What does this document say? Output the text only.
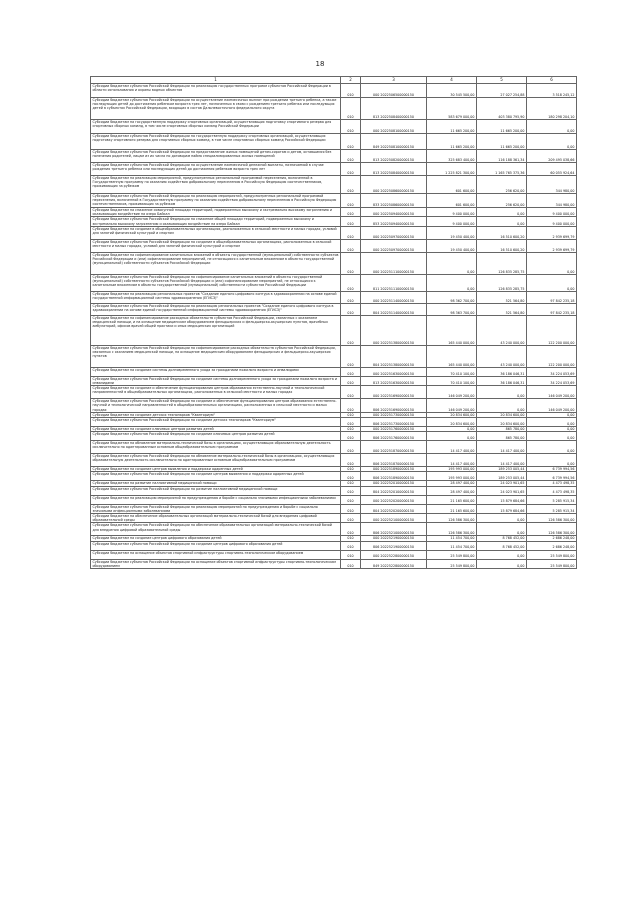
18
1	2	3	4	5	6
Субсидии бюджетам субъектов Российской Федерации на реализацию государственных программ субъектов Российской Федерации в области использования и охраны водных объектов	010	000 2022506500000150	30 545 500,00	27 027 254,88	3 518 245,12
Субсидии бюджетам субъектов Российской Федерации на осуществление ежемесячных выплат при рождении третьего ребенка, а также последующих детей до достижения ребенком возраста трех лет, назначенных в связи с рождением третьего ребенка или последующих детей в субъектах Российской Федерации, входящих в состав Дальневосточного федерального округа	010	813 2022508400000150	583 679 000,00	403 380 795,90	180 298 204,10
Субсидии бюджетам на государственную поддержку спортивных организаций, осуществляющих подготовку спортивного резерва для спортивных сборных команд, в том числе спортивных сборных команд Российской Федерации	010	000 2022508100000150	11 665 200,00	11 665 200,00	0,00
Субсидии бюджетам субъектов Российской Федерации на государственную поддержку спортивных организаций, осуществляющих подготовку спортивного резерва для спортивных сборных команд, в том числе спортивных сборных команд Российской Федерации	010	849 2022508100000150	11 665 200,00	11 665 200,00	0,00
Субсидии бюджетам субъектов Российской Федерации на предоставление жилых помещений детям-сиротам и детям, оставшимся без попечения родителей, лицам из их числа по договорам найма специализированных жилых помещений	010	813 2022508200000150	325 683 400,00	116 188 361,34	209 495 038,66
Субсидии бюджетам субъектов Российской Федерации на осуществление ежемесячной денежной выплаты, назначаемой в случае рождения третьего ребенка или последующих детей до достижения ребенком возраста трех лет	010	813 2022508400000150	1 225 821 300,00	1 165 765 375,36	60 055 924,64
Субсидии бюджетам на реализацию мероприятий, предусмотренных региональной программой переселения, включенной в Государственную программу по оказанию содействия добровольному переселению в Российскую Федерацию соотечественников, проживающих за рубежом	010	000 2022508600000150	601 600,00	256 620,00	344 980,00
Субсидии бюджетам субъектов Российской Федерации на реализацию мероприятий, предусмотренных региональной программой переселения, включенной в Государственную программу по оказанию содействия добровольному переселению в Российскую Федерацию соотечественников, проживающих за рубежом	010	833 2022508600000150	601 600,00	256 620,00	344 980,00
Субсидии бюджетам на снижение совокупной площади территорий, подверженных высокому и экстремально высокому загрязнению и оказывающих воздействие на озеро Байкал	010	000 2022509400000150	9 400 000,00	0,00	9 400 000,00
Субсидии бюджетам субъектов Российской Федерации на снижение общей площади территорий, подверженных высокому и экстремально высокому загрязнению и оказывающих воздействие на озеро Байкал	010	853 2022509400000150	9 400 000,00	0,00	9 400 000,00
Субсидии бюджетам на создание в общеобразовательных организациях, расположенных в сельской местности и малых городах, условий для занятий физической культурой и спортом	010	000 2022509700000150	19 450 400,00	16 510 600,20	2 939 699,79
Субсидии бюджетам субъектов Российской Федерации на создание в общеобразовательных организациях, расположенных в сельской местности и малых городах, условий для занятий физической культурой и спортом	010	000 2022509700000150	19 450 400,00	16 510 600,20	2 939 699,79
Субсидии бюджетам на софинансирование капитальных вложений в объекты государственной (муниципальной) собственности субъектов Российской Федерации и (или) софинансирование мероприятий, не относящихся к капитальным вложениям в объекты государственной (муниципальной) собственности субъектов Российской Федерации	010	000 2022511100000150	0,00	126 835 285,75	0,00
Субсидии бюджетам субъектов Российской Федерации на софинансирование капитальных вложений в объекты государственной (муниципальной) собственности субъектов Российской Федерации и (или) софинансирование мероприятий, не относящихся к капитальным вложениям в объекты государственной (муниципальной) собственности субъектов Российской Федерации	010	811 2022511100000150	0,00	126 835 285,75	0,00
Субсидии бюджетам на реализацию региональных проектов "Создание единого цифрового контура в здравоохранении на основе единой государственной информационной системы здравоохранения (ЕГИСЗ)"	010	000 2022511400000150	98 362 700,00	521 564,80	97 842 235,18
Субсидии бюджетам субъектов Российской Федерации на реализацию региональных проектов "Создание единого цифрового контура в здравоохранении на основе единой государственной информационной системы здравоохранения (ЕГИСЗ)"	010	804 2022511400000150	98 363 700,00	521 564,80	97 842 235,18
Субсидии бюджетам на софинансирование расходных обязательств субъектов Российской Федерации, связанных с оказанием медицинской помощи, и на оснащение медицинским оборудованием фельдшерских и фельдшерско-акушерских пунктов, врачебных амбулаторий, офисов врачей общей практики и иных медицинских организаций	010	000 2022513800000150	165 440 000,00	43 240 000,00	122 200 000,00
Субсидии бюджетам субъектов Российской Федерации на софинансирование расходных обязательств субъектов Российской Федерации, связанных с оказанием медицинской помощи, на оснащение медицинским оборудованием фельдшерских и фельдшерско-акушерских пунктов	010	804 2022513800000150	165 440 000,00	43 240 000,00	122 200 000,00
Субсидии бюджетам на создание системы долговременного ухода за гражданами пожилого возраста и инвалидами	010	000 2022516300000150	70 410 100,00	36 186 046,31	34 224 053,69
Субсидии бюджетам субъектов Российской Федерации на создание системы долговременного ухода за гражданами пожилого возраста и инвалидами	010	813 2022516300000150	70 410 100,00	36 186 046,31	34 224 053,69
Субсидии бюджетам на создание и обеспечение функционирования центров образования естественно-научной и технологической направленностей в общеобразовательных организациях, расположенных в сельской местности и малых городах	010	000 2022516900000150	146 049 200,00	0,00	146 049 200,00
Субсидии бюджетам субъектов Российской Федерации на создание и обеспечение функционирования центров образования естественно-научной и технологической направленностей в общеобразовательных организациях, расположенных в сельской местности и малых городах	010	806 2022516900000150	146 049 200,00	0,00	146 049 200,00
Субсидии бюджетам на создание детских технопарков "Кванториум"	010	000 2022517300000150	20 834 600,00	20 834 600,00	0,00
Субсидии бюджетам субъектов Российской Федерации на создание детских технопарков "Кванториум"	010	806 2022517300000150	20 834 600,00	20 834 600,00	0,00
Субсидии бюджетам на создание ключевых центров развития детей	010	000 2022517600000150	0,00	865 780,00	0,00
Субсидии бюджетам субъектов Российской Федерации на создание ключевых центров развития детей	010	806 2022517600000150	0,00	865 780,00	0,00
Субсидии бюджетам на обновление материально-технической базы в организациях, осуществляющих образовательную деятельность исключительно по адаптированным основным общеобразовательным программам	010	000 2022518700000150	14 417 400,00	14 417 400,00	0,00
Субсидии бюджетам субъектов Российской Федерации на обновление материально-технической базы в организациях, осуществляющих образовательную деятельность исключительно по адаптированным основным общеобразовательным программам	010	806 2022518700000150	14 417 400,00	14 417 400,00	0,00
Субсидии бюджетам на создание центров выявления и поддержки одаренных детей	010	000 2022518900000150	195 993 000,00	189 253 005,44	6 739 994,56
Субсидии бюджетам субъектов Российской Федерации на создание центров выявления и поддержки одаренных детей	010	806 2022518900000150	195 993 000,00	189 253 005,44	6 739 994,56
Субсидии бюджетам на развитие паллиативной медицинской помощи	010	000 2022520100000150	28 497 400,00	24 023 901,65	4 473 498,35
Субсидии бюджетам субъектов Российской Федерации на развитие паллиативной медицинской помощи	010	804 2022520100000150	28 497 400,00	24 023 901,65	4 473 498,35
Субсидии бюджетам на реализацию мероприятий по предупреждению и борьбе с социально значимыми инфекционными заболеваниями	010	000 2022520200000150	21 165 600,00	15 879 684,66	5 285 915,34
Субсидии бюджетам субъектов Российской Федерации на реализацию мероприятий по предупреждению и борьбе с социально значимыми инфекционными заболеваниями	010	804 2022520200000150	21 165 600,00	15 879 684,66	5 285 915,34
Субсидии бюджетам на обеспечение образовательных организаций материально-технической базой для внедрения цифровой образовательной среды	010	000 2022521000000150	126 586 300,00	0,00	126 586 300,00
Субсидии бюджетам субъектов Российской Федерации на обеспечение образовательных организаций материально-технической базой для внедрения цифровой образовательной среды	010	806 2022521000000150	126 586 300,00	0,00	126 586 300,00
Субсидии бюджетам на создание центров цифрового образования детей	010	000 2022521900000150	11 454 700,00	8 768 452,00	2 686 248,00
Субсидии бюджетам субъектов Российской Федерации на создание центров цифрового образования детей	010	806 2022521900000150	11 454 700,00	8 768 452,00	2 686 248,00
Субсидии бюджетам на оснащение объектов спортивной инфраструктуры спортивно-технологическим оборудованием	010	000 2022522800000150	25 549 800,00	0,00	25 549 800,00
Субсидии бюджетам субъектов Российской Федерации на оснащение объектов спортивной инфраструктуры спортивно-технологическим оборудованием	010	849 2022522800000150	25 549 800,00	0,00	25 549 800,00
